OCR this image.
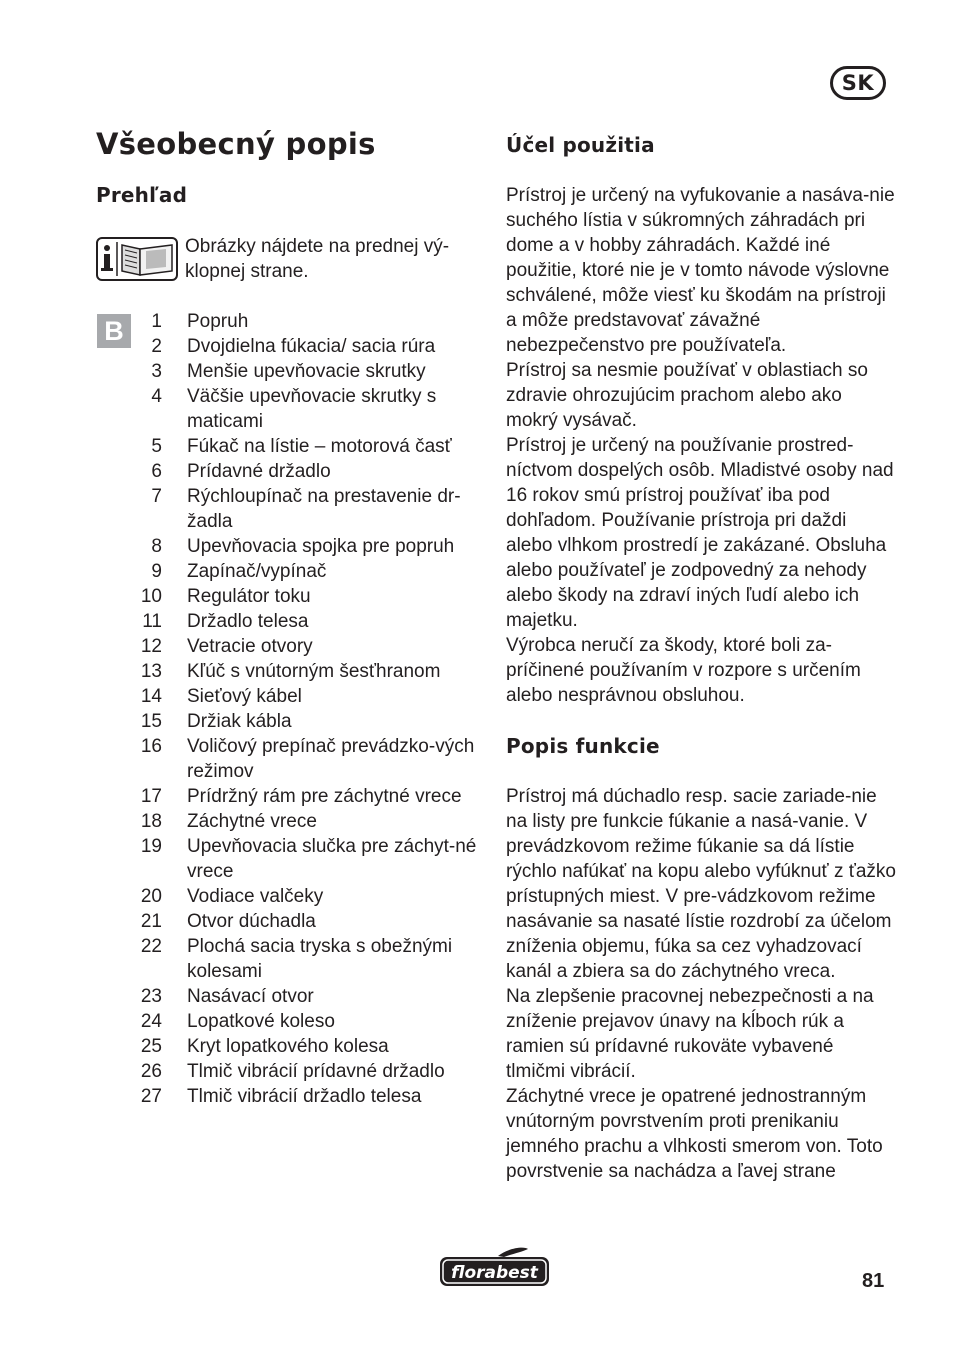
SK
Všeobecný popis
Prehľad
Obrázky nájdete na prednej vý-klopnej strane.
B	1 Popruh
2 Dvojdielna fúkacia/ sacia rúra
3 Menšie upevňovacie skrutky
4 Väčšie upevňovacie skrutky s maticami
5 Fúkač na lístie – motorová časť
6 Prídavné držadlo
7 Rýchloupínač na prestavenie dr-žadla
8 Upevňovacia spojka pre popruh
9 Zapínač/vypínač
10 Regulátor toku
11 Držadlo telesa
12 Vetracie otvory
13 Kľúč s vnútorným šesťhranom
14 Sieťový kábel
15 Držiak kábla
16 Voličový prepínač prevádzko-vých režimov
17 Prídržný rám pre záchytné vrece
18 Záchytné vrece
19 Upevňovacia slučka pre záchyt-né vrece
20 Vodiace valčeky
21 Otvor dúchadla
22 Plochá sacia tryska s obežnými kolesami
23 Nasávací otvor
24 Lopatkové koleso
25 Kryt lopatkového kolesa
26 Tlmič vibrácií prídavné držadlo
27 Tlmič vibrácií držadlo telesa
Účel použitia

Prístroj je určený na vyfukovanie a nasáva-nie suchého lístia v súkromných záhradách pri dome a v hobby záhradách. Každé iné použitie, ktoré nie je v tomto návode výslovne schválené, môže viesť ku škodám na prístroji a môže predstavovať závažné nebezpečenstvo pre používateľa.

Prístroj sa nesmie používať v oblastiach so zdravie ohrozujúcim prachom alebo ako mokrý vysávač.

Prístroj je určený na používanie prostred-níctvom dospelých osôb. Mladistvé osoby nad 16 rokov smú prístroj používať iba pod dohľadom. Používanie prístroja pri daždi alebo vlhkom prostredí je zakázané. Obsluha alebo používateľ je zodpovedný za nehody alebo škody na zdraví iných ľudí alebo ich majetku.

Výrobca neručí za škody, ktoré boli za-príčinené používaním v rozpore s určením alebo nesprávnou obsluhou.

Popis funkcie

Prístroj má dúchadlo resp. sacie zariade-nie na listy pre funkcie fúkanie a nasá-vanie. V prevádzkovom režime fúkanie sa dá lístie rýchlo nafúkať na kopu alebo vyfúknuť z ťažko prístupných miest. V pre-vádzkovom režime nasávanie sa nasaté lístie rozdrobí za účelom zníženia objemu, fúka sa cez vyhadzovací kanál a zbiera sa do záchytného vreca.

Na zlepšenie pracovnej nebezpečnosti a na zníženie prejavov únavy na kĺboch rúk a ramien sú prídavné rukoväte vybavené tlmičmi vibrácií.

Záchytné vrece je opatrené jednostranným vnútorným povrstvením proti prenikaniu jemného prachu a vlhkosti smerom von. Toto povrstvenie sa nachádza a ľavej strane

florabest	81
